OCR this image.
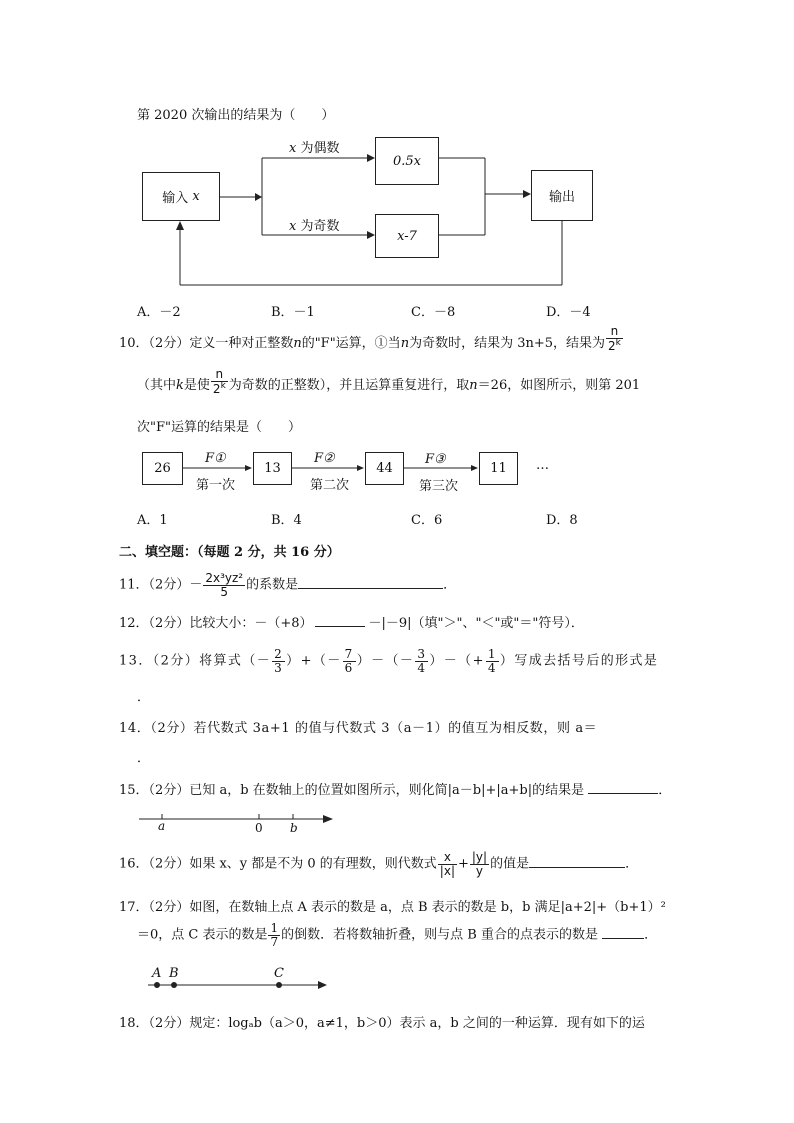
第 2020 次输出的结果为（　　）
输入
x
x 为偶数
x 为奇数
0.5x
x-7
输出
A．－2	B．－1	C．－8	D．－4
10．（2分）定义一种对正整数n的"F"运算，①当n为奇数时，结果为 3n+5，结果为 $\frac{n}{2^k}$
（其中k是使 $\frac{n}{2^k}$ 为奇数的正整数），并且运算重复进行，取n＝26，如图所示，则第 201
次"F"运算的结果是（　　）
26	13	44	11
F①	F②	F③
第一次	第二次	第三次
…
A．1	B．4	C．6	D．8
二、填空题：（每题 2 分，共 16 分）
11．（2分）－ $\frac{\text{2x³yz²}}{5}$ 的系数是	．
12．（2分）比较大小：－（+8）	－|－9|（填"＞"、"＜"或"＝"符号）．
13．（2分）将算式（－ $\frac{2}{3}$ ）+（－ $\frac{7}{6}$ ）－（－ $\frac{3}{4}$ ）－（+ $\frac{1}{4}$ ）写成去括号后的形式是
．
14．（2分）若代数式 3a+1 的值与代数式 3（a－1）的值互为相反数，则 a＝
．
15．（2分）已知 a，b 在数轴上的位置如图所示，则化简|a－b|+|a+b|的结果是	．
a	0 b
16．（2分）如果 x、y 都是不为 0 的有理数，则代数式 $\frac{x}{|x|} + \frac{|y|}{y}$ 的值是	．
17．（2分）如图，在数轴上点 A 表示的数是 a，点 B 表示的数是 b，b 满足|a+2|+（b+1）²
＝0，点 C 表示的数是 $\frac{1}{7}$ 的倒数．若将数轴折叠，则与点 B 重合的点表示的数是	．
A B	C
18．（2分）规定：logₐb（a＞0，a≠1，b＞0）表示 a，b 之间的一种运算．现有如下的运
